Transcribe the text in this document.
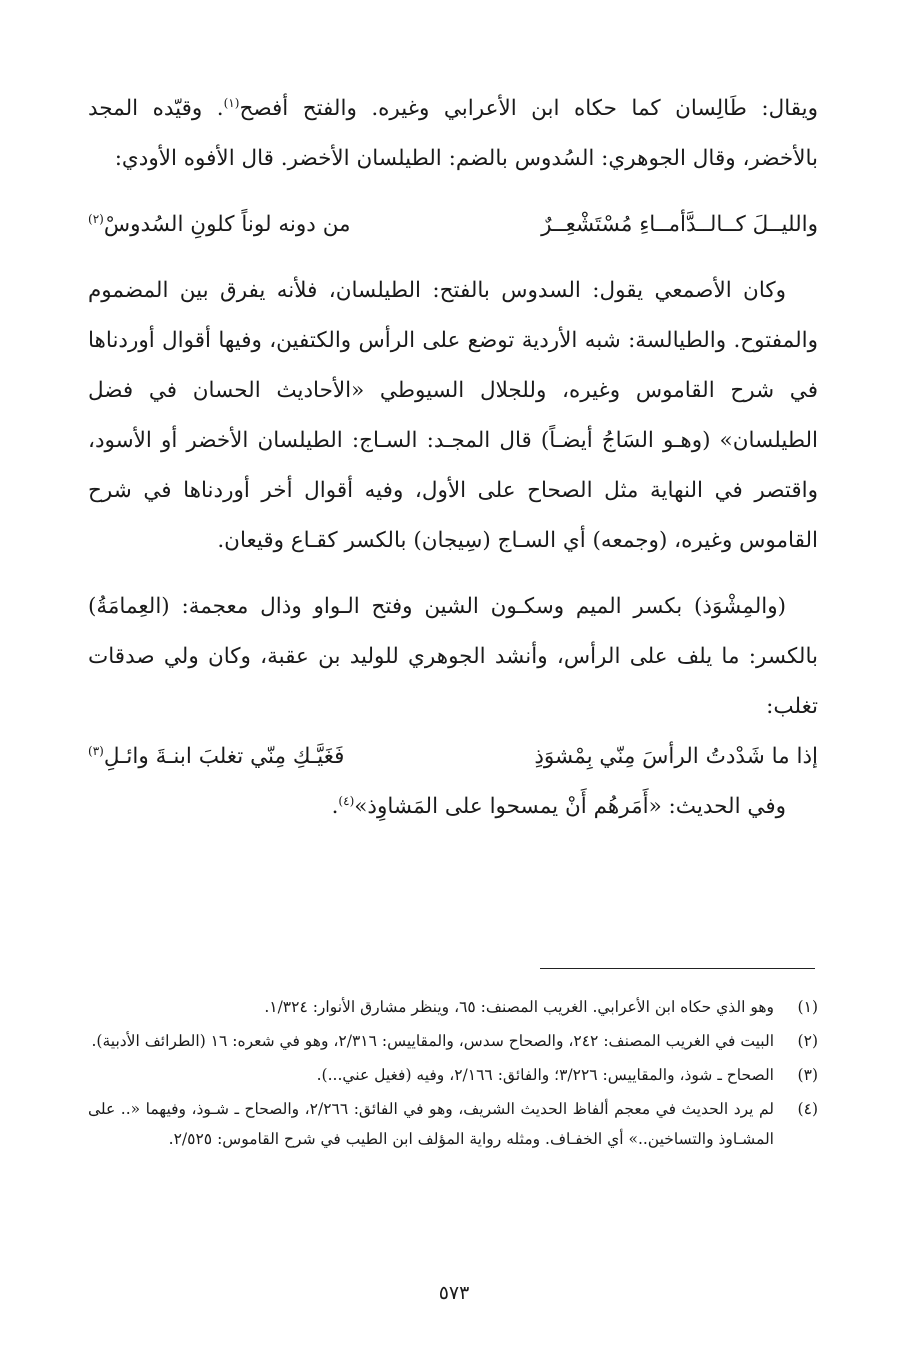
ويقال: طَالِسان كما حكاه ابن الأعرابي وغيره. والفتح أفصح$^{(١)}$. وقيّده المجد بالأخضر، وقال الجوهري: السُدوس بالضم: الطيلسان الأخضر. قال الأفوه الأودي:

والليــلَ كــالــدَّأمــاءِ مُسْتَشْعِــرٌ
من دونه لوناً كلونِ السُدوسْ$^{(٢)}$

وكان الأصمعي يقول: السدوس بالفتح: الطيلسان، فلأنه يفرق بين المضموم والمفتوح. والطيالسة: شبه الأردية توضع على الرأس والكتفين، وفيها أقوال أوردناها في شرح القاموس وغيره، وللجلال السيوطي «الأحاديث الحسان في فضل الطيلسان» (وهـو السَاجُ أيضـاً) قال المجـد: السـاج: الطيلسان الأخضر أو الأسود، واقتصر في النهاية مثل الصحاح على الأول، وفيه أقوال أخر أوردناها في شرح القاموس وغيره، (وجمعه) أي السـاج (سِيجان) بالكسر كقـاع وقيعان.

(والمِشْوَذ) بكسر الميم وسكـون الشين وفتح الـواو وذال معجمة: (العِمامَةُ) بالكسر: ما يلف على الرأس، وأنشد الجوهري للوليد بن عقبة، وكان ولي صدقات تغلب:

إذا ما شَدْدتُ الرأسَ مِنّي بِمْشوَذِ
فَغَيَّـكِ مِنّي تغلبَ ابنـةَ وائـلِ$^{(٣)}$

وفي الحديث: «أَمَرهُم أَنْ يمسحوا على المَشاوِذ»$^{(٤)}$.

(١)
وهو الذي حكاه ابن الأعرابي. الغريب المصنف: ٦٥، وينظر مشارق الأنوار: ١/٣٢٤.
(٢)
البيت في الغريب المصنف: ٢٤٢، والصحاح سدس، والمقاييس: ٢/٣١٦، وهو في شعره: ١٦ (الطرائف الأدبية).
(٣)
الصحاح ـ شوذ، والمقاييس: ٣/٢٢٦؛ والفائق: ٢/١٦٦، وفيه (فغيل عني...).
(٤)
لم يرد الحديث في معجم ألفاظ الحديث الشريف، وهو في الفائق: ٢/٢٦٦، والصحاح ـ شـوذ، وفيهما «.. على المشـاوذ والتساخين..» أي الخفـاف. ومثله رواية المؤلف ابن الطيب في شرح القاموس: ٢/٥٢٥.
٥٧٣
